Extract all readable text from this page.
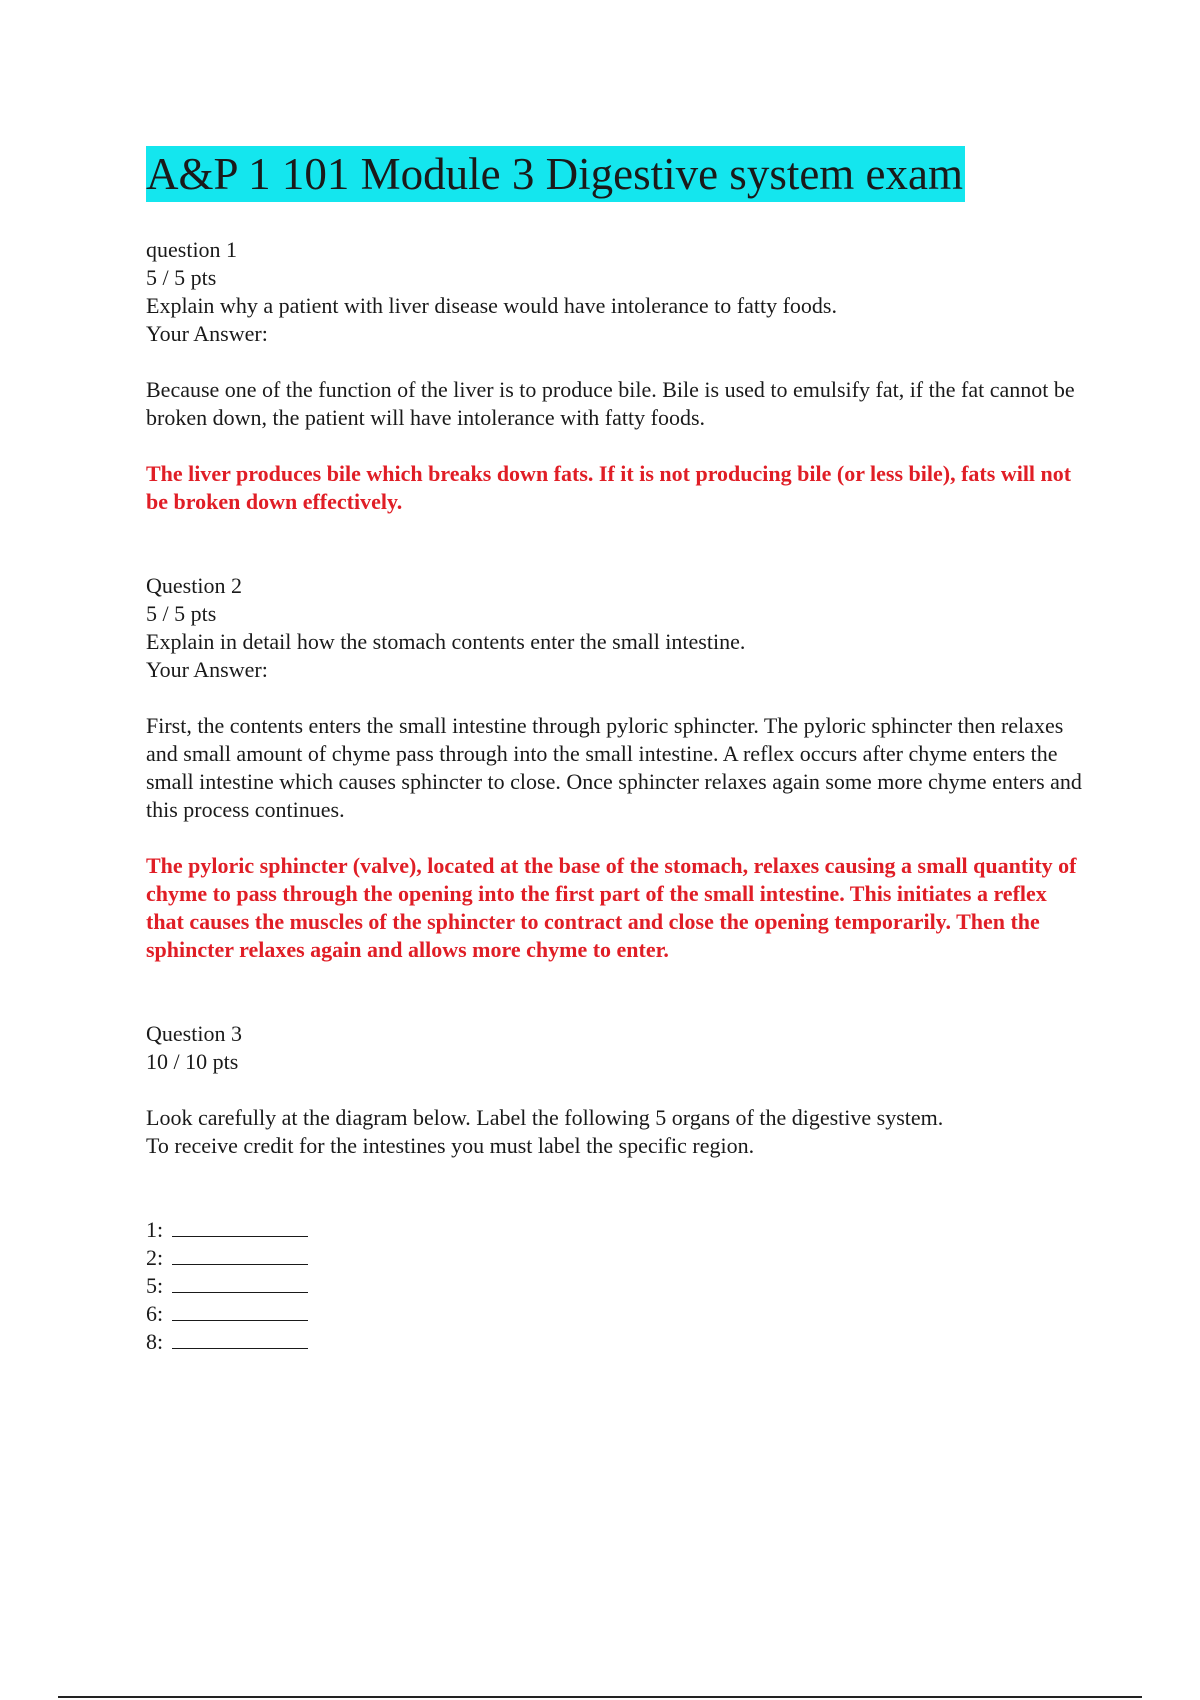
A&P 1 101 Module 3 Digestive system exam

question 1

5 / 5 pts

Explain why a patient with liver disease would have intolerance to fatty foods.

Your Answer:

Because one of the function of the liver is to produce bile. Bile is used to emulsify fat, if the fat cannot be broken down, the patient will have intolerance with fatty foods.

The liver produces bile which breaks down fats. If it is not producing bile (or less bile), fats will not be broken down effectively.

Question 2

5 / 5 pts

Explain in detail how the stomach contents enter the small intestine.

Your Answer:

First, the contents enters the small intestine through pyloric sphincter. The pyloric sphincter then relaxes and small amount of chyme pass through into the small intestine. A reflex occurs after chyme enters the small intestine which causes sphincter to close. Once sphincter relaxes again some more chyme enters and this process continues.

The pyloric sphincter (valve), located at the base of the stomach, relaxes causing a small quantity of chyme to pass through the opening into the first part of the small intestine. This initiates a reflex that causes the muscles of the sphincter to contract and close the opening temporarily. Then the sphincter relaxes again and allows more chyme to enter.

Question 3

10 / 10 pts

Look carefully at the diagram below. Label the following 5 organs of the digestive system.

To receive credit for the intestines you must label the specific region.

1:
2:
5:
6:
8:
